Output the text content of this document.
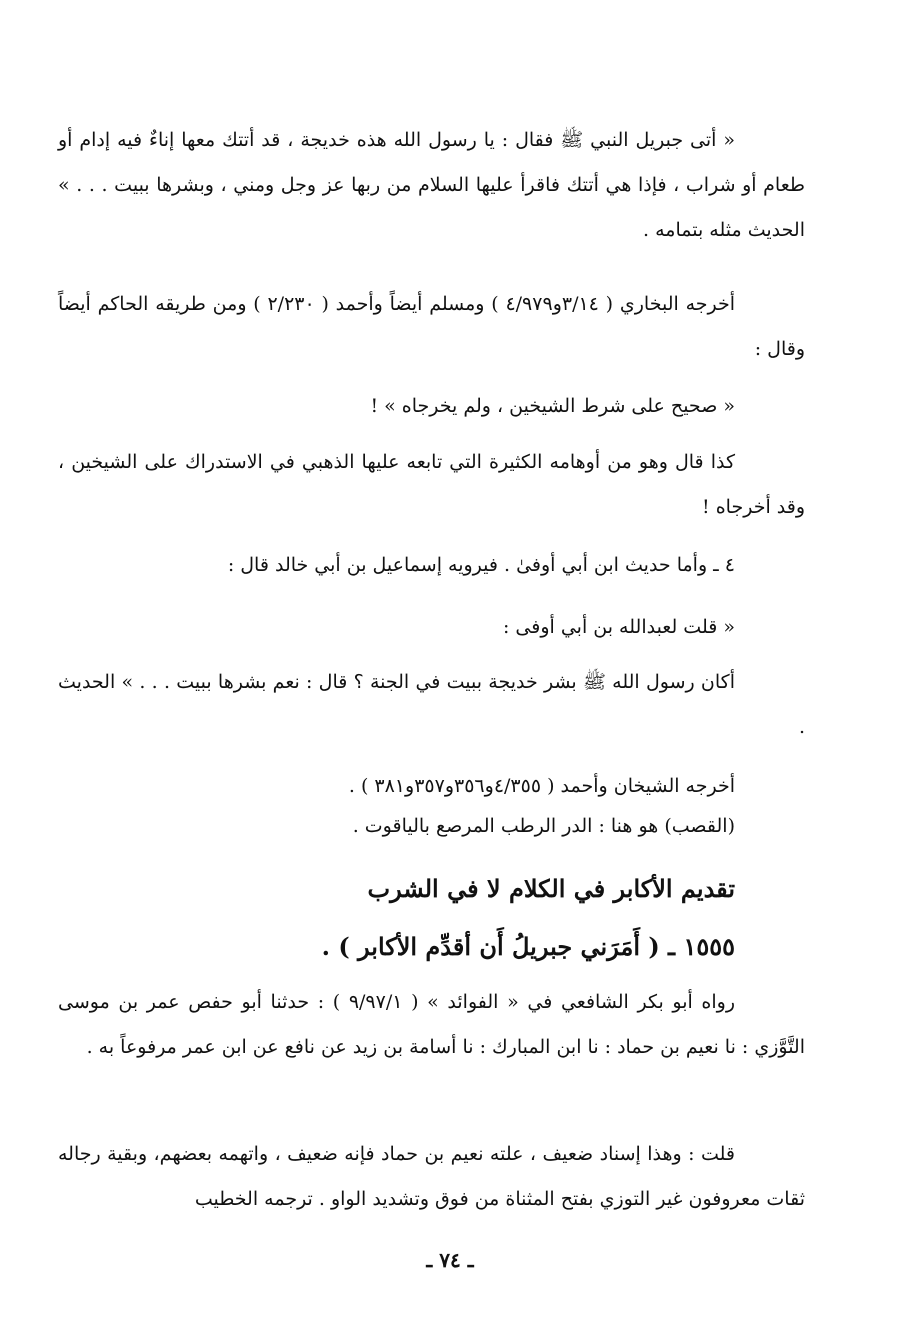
« أتى جبريل النبي ﷺ فقال : يا رسول الله هذه خديجة ، قد أتتك معها إناءٌ فيه إدام أو طعام أو شراب ، فإذا هي أتتك فاقرأ عليها السلام من ربها عز وجل ومني ، وبشرها ببيت . . . » الحديث مثله بتمامه .

أخرجه البخاري ( ٣/١٤و٤/٩٧٩ ) ومسلم أيضاً وأحمد ( ٢/٢٣٠ ) ومن طريقه الحاكم أيضاً وقال :

« صحيح على شرط الشيخين ، ولم يخرجاه » !

كذا قال وهو من أوهامه الكثيرة التي تابعه عليها الذهبي في الاستدراك على الشيخين ، وقد أخرجاه !

٤ ـ وأما حديث ابن أبي أوفىٰ . فيرويه إسماعيل بن أبي خالد قال :

« قلت لعبدالله بن أبي أوفى :

أكان رسول الله ﷺ بشر خديجة ببيت في الجنة ؟ قال : نعم بشرها ببيت . . . » الحديث .

أخرجه الشيخان وأحمد ( ٤/٣٥٥و٣٥٦و٣٥٧و٣٨١ ) .

(القصب) هو هنا : الدر الرطب المرصع بالياقوت .

تقديم الأكابر في الكلام لا في الشرب
١٥٥٥ ـ ( أَمَرَني جبريلُ أَن أقدِّم الأكابر ) .

رواه أبو بكر الشافعي في « الفوائد » ( ٩/٩٧/١ ) : حدثنا أبو حفص عمر بن موسى التَّوَّزي : نا نعيم بن حماد : نا ابن المبارك : نا أسامة بن زيد عن نافع عن ابن عمر مرفوعاً به .

قلت : وهذا إسناد ضعيف ، علته نعيم بن حماد فإنه ضعيف ، واتهمه بعضهم، وبقية رجاله ثقات معروفون غير التوزي بفتح المثناة من فوق وتشديد الواو . ترجمه الخطيب

ـ ٧٤ ـ
